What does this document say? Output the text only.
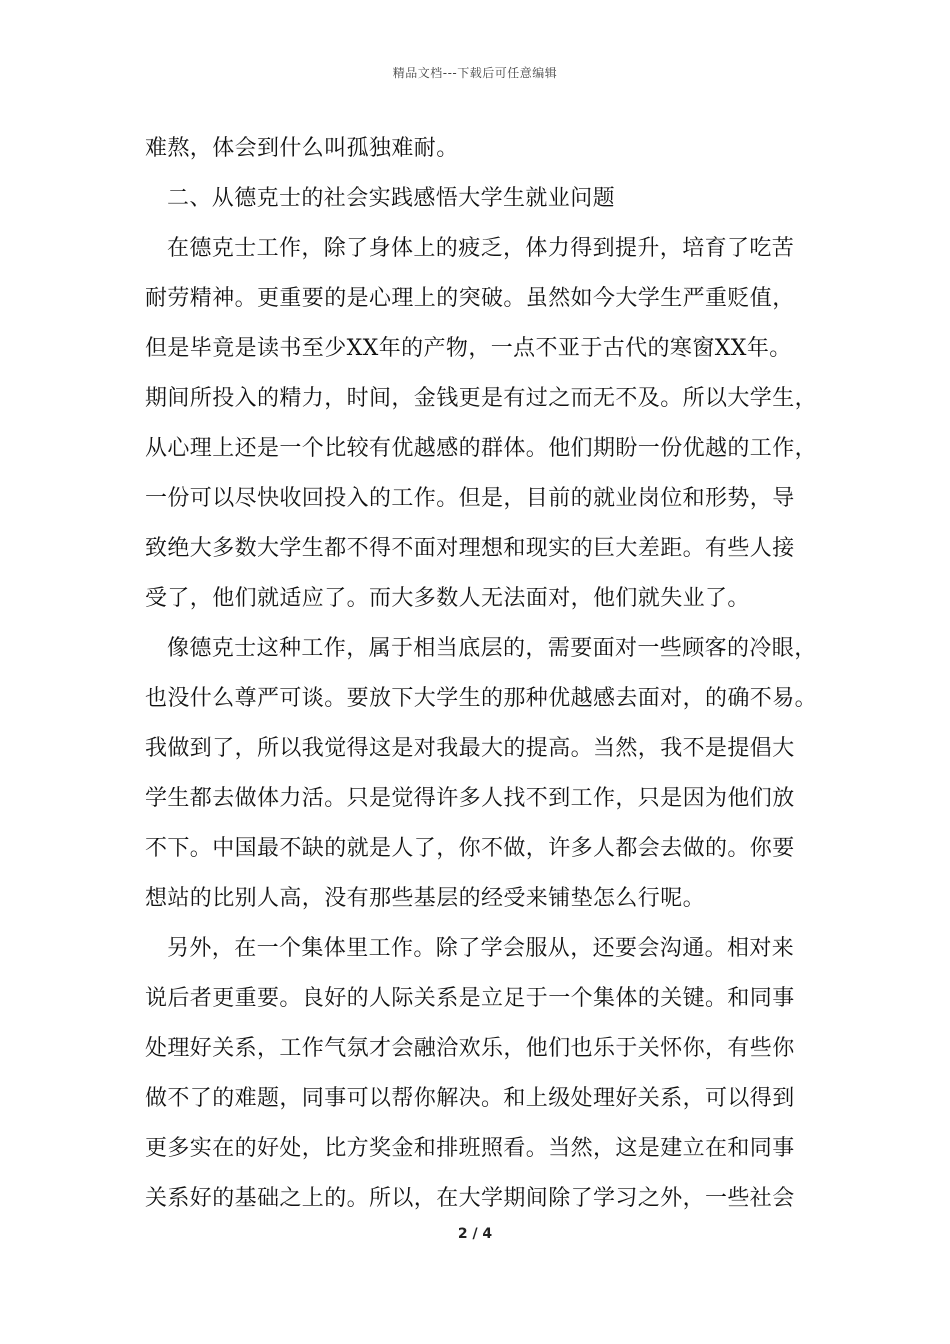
精品文档---下载后可任意编辑
难熬，体会到什么叫孤独难耐。
二、从德克士的社会实践感悟大学生就业问题
在德克士工作，除了身体上的疲乏，体力得到提升，培育了吃苦
耐劳精神。更重要的是心理上的突破。虽然如今大学生严重贬值，
但是毕竟是读书至少XX年的产物，一点不亚于古代的寒窗XX年。
期间所投入的精力，时间，金钱更是有过之而无不及。所以大学生，
从心理上还是一个比较有优越感的群体。他们期盼一份优越的工作，
一份可以尽快收回投入的工作。但是，目前的就业岗位和形势，导
致绝大多数大学生都不得不面对理想和现实的巨大差距。有些人接
受了，他们就适应了。而大多数人无法面对，他们就失业了。
像德克士这种工作，属于相当底层的，需要面对一些顾客的冷眼，
也没什么尊严可谈。要放下大学生的那种优越感去面对，的确不易。
我做到了，所以我觉得这是对我最大的提高。当然，我不是提倡大
学生都去做体力活。只是觉得许多人找不到工作，只是因为他们放
不下。中国最不缺的就是人了，你不做，许多人都会去做的。你要
想站的比别人高，没有那些基层的经受来铺垫怎么行呢。
另外，在一个集体里工作。除了学会服从，还要会沟通。相对来
说后者更重要。良好的人际关系是立足于一个集体的关键。和同事
处理好关系，工作气氛才会融洽欢乐，他们也乐于关怀你，有些你
做不了的难题，同事可以帮你解决。和上级处理好关系，可以得到
更多实在的好处，比方奖金和排班照看。当然，这是建立在和同事
关系好的基础之上的。所以，在大学期间除了学习之外，一些社会
2 / 4
